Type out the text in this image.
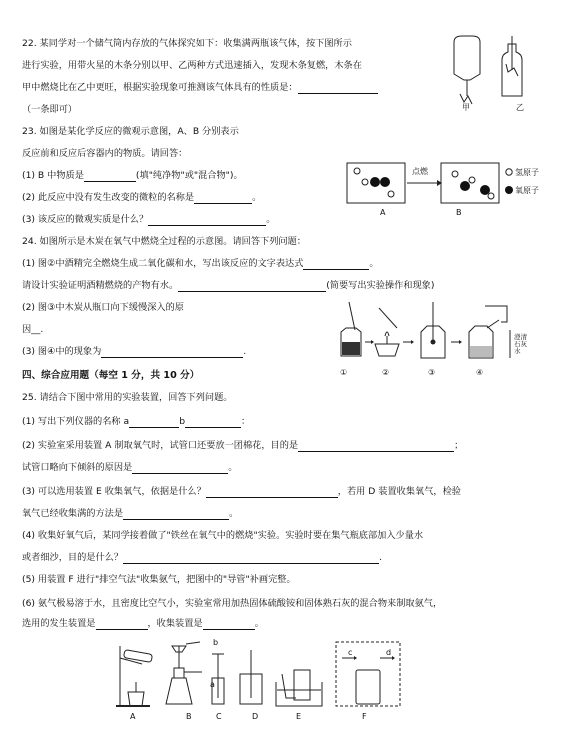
22. 某同学对一个储气筒内存放的气体探究如下：收集满两瓶该气体，按下图所示
进行实验，用带火星的木条分别以甲、乙两种方式迅速插入，发现木条复燃，木条在
甲中燃烧比在乙中更旺，根据实验现象可推测该气体具有的性质是：
（一条即可）	甲	乙
23. 如图是某化学反应的微观示意图，A、B 分别表示
反应前和反应后容器内的物质。请回答：
(1) B 中物质是	(填"纯净物"或"混合物")。
(2) 此反应中没有发生改变的微粒的名称是	。
(3) 该反应的微观实质是什么？	。
点燃	氢原子
氧原子
A	B
24. 如图所示是木炭在氧气中燃烧全过程的示意图。请回答下列问题：
(1) 图②中酒精完全燃烧生成二氧化碳和水，写出该反应的文字表达式	。
请设计实验证明酒精燃烧的产物有水。	(简要写出实验操作和现象)
(2) 图③中木炭从瓶口向下缓慢深入的原
因__.
(3) 图④中的现象为	.
①	②	③	④
澄清石灰水
四、综合应用题（每空 1 分，共 10 分）
25. 请结合下图中常用的实验装置，回答下列问题。
(1) 写出下列仪器的名称 a	b	：
(2) 实验室采用装置 A 制取氧气时，试管口还要放一团棉花，目的是	；
试管口略向下倾斜的原因是	。
(3) 可以选用装置 E 收集氧气，依据是什么？	，若用 D 装置收集氧气，检验
氧气已经收集满的方法是	。
(4) 收集好氧气后，某同学接着做了"铁丝在氧气中的燃烧"实验。实验时要在集气瓶底部加入少量水
或者细沙，目的是什么？	.
(5) 用装置 F 进行"排空气法"收集氨气，把图中的"导管"补画完整。
(6) 氨气极易溶于水，且密度比空气小，实验室常用加热固体硫酸铵和固体熟石灰的混合物来制取氨气，
选用的发生装置是	，收集装置是	。
b
a
c	d
A	B	C	D	E	F
